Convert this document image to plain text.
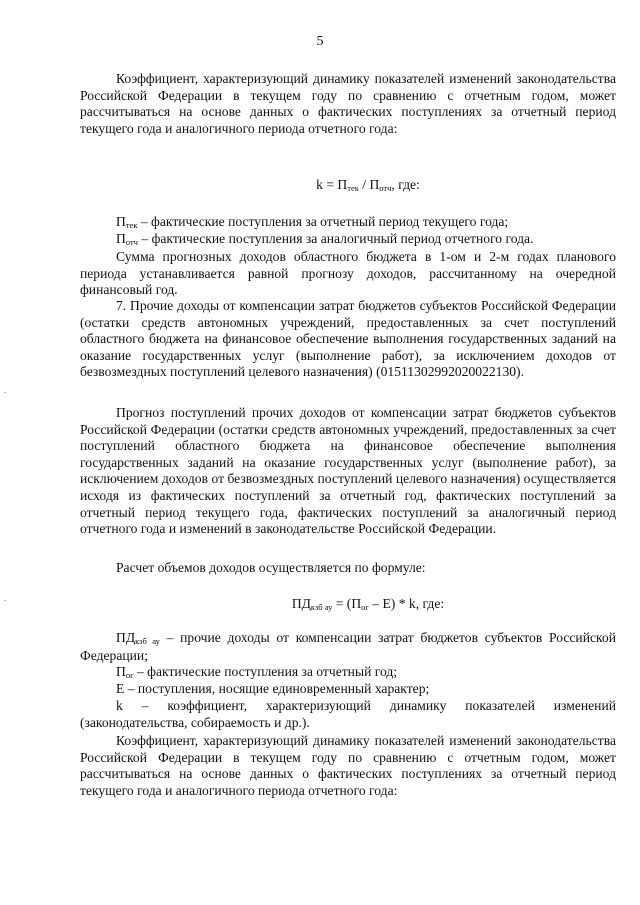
5

Коэффициент, характеризующий динамику показателей изменений законодательства Российской Федерации в текущем году по сравнению с отчетным годом, может рассчитываться на основе данных о фактических поступлениях за отчетный период текущего года и аналогичного периода отчетного года:

k = Птек / Потч, где:

Птек – фактические поступления за отчетный период текущего года;

Потч – фактические поступления за аналогичный период отчетного года.

Сумма прогнозных доходов областного бюджета в 1-ом и 2-м годах планового периода устанавливается равной прогнозу доходов, рассчитанному на очередной финансовый год.

7. Прочие доходы от компенсации затрат бюджетов субъектов Российской Федерации (остатки средств автономных учреждений, предоставленных за счет поступлений областного бюджета на финансовое обеспечение выполнения государственных заданий на оказание государственных услуг (выполнение работ), за исключением доходов от безвозмездных поступлений целевого назначения) (01511302992020022130).

Прогноз поступлений прочих доходов от компенсации затрат бюджетов субъектов Российской Федерации (остатки средств автономных учреждений, предоставленных за счет поступлений областного бюджета на финансовое обеспечение выполнения государственных заданий на оказание государственных услуг (выполнение работ), за исключением доходов от безвозмездных поступлений целевого назначения) осуществляется исходя из фактических поступлений за отчетный год, фактических поступлений за отчетный период текущего года, фактических поступлений за аналогичный период отчетного года и изменений в законодательстве Российской Федерации.

Расчет объемов доходов осуществляется по формуле:

ПДкзб ау = (Пог – Е) * k, где:

ПДкзб ау – прочие доходы от компенсации затрат бюджетов субъектов Российской Федерации;

Пог – фактические поступления за отчетный год;

Е – поступления, носящие единовременный характер;

k – коэффициент, характеризующий динамику показателей изменений (законодательства, собираемость и др.).

Коэффициент, характеризующий динамику показателей изменений законодательства Российской Федерации в текущем году по сравнению с отчетным годом, может рассчитываться на основе данных о фактических поступлениях за отчетный период текущего года и аналогичного периода отчетного года:
